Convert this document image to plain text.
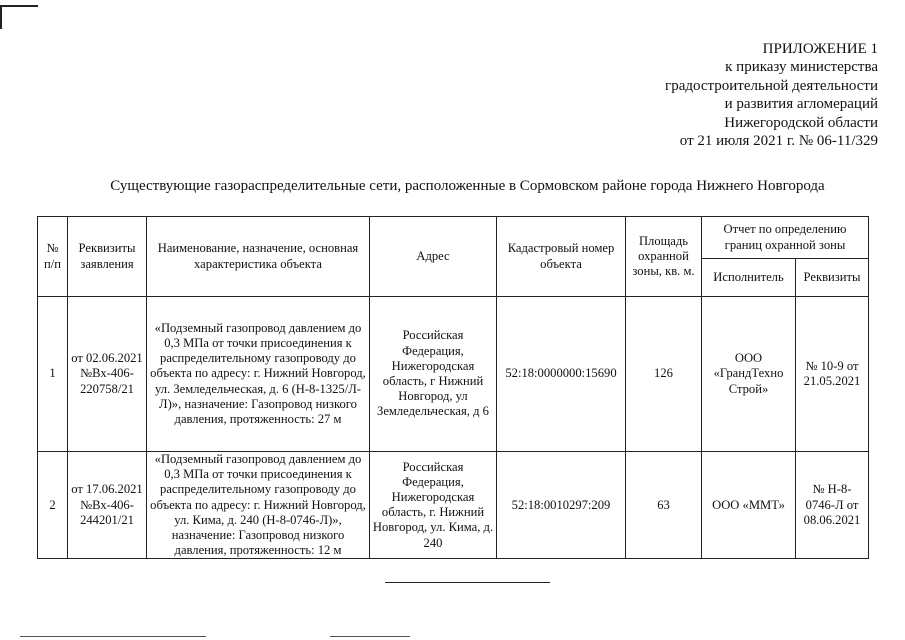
ПРИЛОЖЕНИЕ 1
к приказу министерства
градостроительной деятельности
и развития агломераций
Нижегородской области
от 21 июля 2021 г. № 06-11/329
Существующие газораспределительные сети, расположенные в Сормовском районе города Нижнего Новгорода
№ п/п	Реквизиты заявления	Наименование, назначение, основная характеристика объекта	Адрес	Кадастровый номер объекта	Площадь охранной зоны, кв. м.	Отчет по определению границ охранной зоны	
						Исполнитель	Реквизиты
1	от 02.06.2021 №Вх-406-220758/21	«Подземный газопровод давлением до 0,3 МПа от точки присоединения к распределительному газопроводу до объекта по адресу: г. Нижний Новгород, ул. Земледельческая, д. 6 (Н-8-1325/Л-Л)», назначение: Газопровод низкого давления, протяженность: 27 м	Российская Федерация, Нижегородская область, г Нижний Новгород, ул Земледельческая, д 6	52:18:0000000:15690	126	ООО «ГрандТехно Строй»	№ 10-9 от 21.05.2021
2	от 17.06.2021 №Вх-406-244201/21	«Подземный газопровод давлением до 0,3 МПа от точки присоединения к распределительному газопроводу до объекта по адресу: г. Нижний Новгород, ул. Кима, д. 240 (Н-8-0746-Л)», назначение: Газопровод низкого давления, протяженность: 12 м	Российская Федерация, Нижегородская область, г. Нижний Новгород, ул. Кима, д. 240	52:18:0010297:209	63	ООО «ММТ»	№ Н-8-0746-Л от 08.06.2021
